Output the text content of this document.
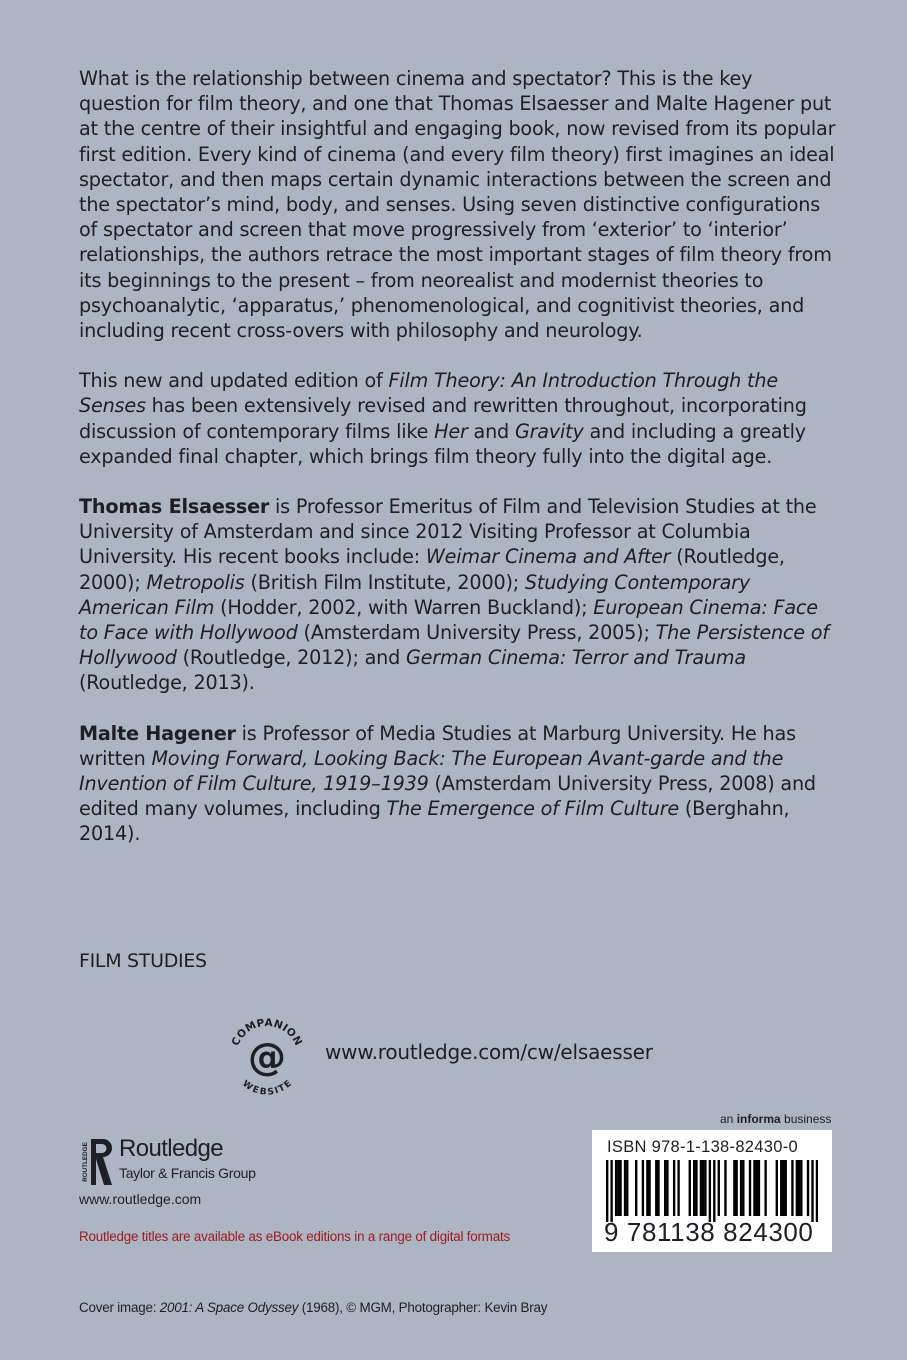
What is the relationship between cinema and spectator? This is the key question for film theory, and one that Thomas Elsaesser and Malte Hagener put at the centre of their insightful and engaging book, now revised from its popular first edition. Every kind of cinema (and every film theory) first imagines an ideal spectator, and then maps certain dynamic interactions between the screen and the spectator’s mind, body, and senses. Using seven distinctive configurations of spectator and screen that move progressively from ‘exterior’ to ‘interior’ relationships, the authors retrace the most important stages of film theory from its beginnings to the present – from neorealist and modernist theories to psychoanalytic, ‘apparatus,’ phenomenological, and cognitivist theories, and including recent cross-overs with philosophy and neurology.

This new and updated edition of Film Theory: An Introduction Through the Senses has been extensively revised and rewritten throughout, incorporating discussion of contemporary films like Her and Gravity and including a greatly expanded final chapter, which brings film theory fully into the digital age.

Thomas Elsaesser is Professor Emeritus of Film and Television Studies at the University of Amsterdam and since 2012 Visiting Professor at Columbia University. His recent books include: Weimar Cinema and After (Routledge, 2000); Metropolis (British Film Institute, 2000); Studying Contemporary American Film (Hodder, 2002, with Warren Buckland); European Cinema: Face to Face with Hollywood (Amsterdam University Press, 2005); The Persistence of Hollywood (Routledge, 2012); and German Cinema: Terror and Trauma (Routledge, 2013).

Malte Hagener is Professor of Media Studies at Marburg University. He has written Moving Forward, Looking Back: The European Avant-garde and the Invention of Film Culture, 1919–1939 (Amsterdam University Press, 2008) and edited many volumes, including The Emergence of Film Culture (Berghahn, 2014).

FILM STUDIES
COMPANION
WEBSITE
@ www.routledge.com/cw/elsaesser
an informa business
ISBN 978-1-138-82430-0
9 781138 824300
ROUTLEDGE Routledge
Taylor & Francis Group
www.routledge.com
Routledge titles are available as eBook editions in a range of digital formats
Cover image: 2001: A Space Odyssey (1968), © MGM, Photographer: Kevin Bray
